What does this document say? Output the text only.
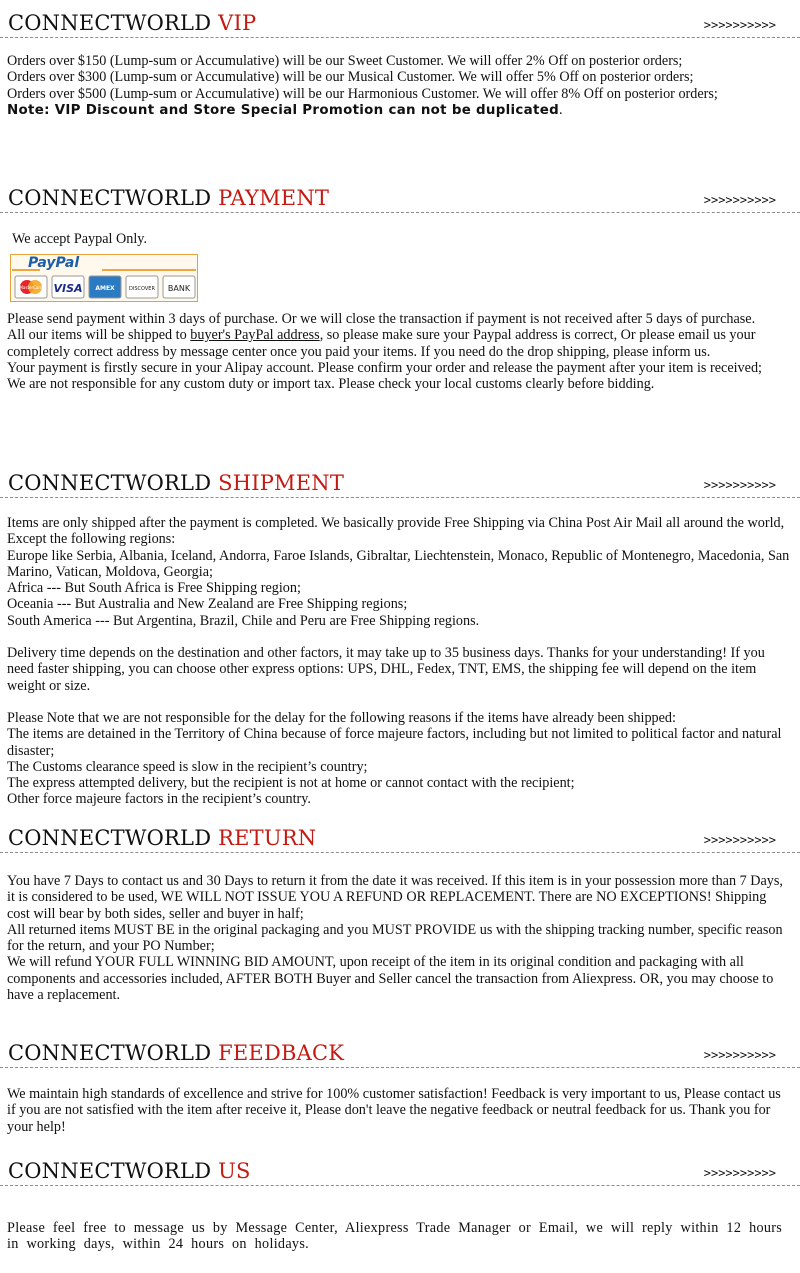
CONNECTWORLD VIP	>>>>>>>>>>

Orders over $150 (Lump-sum or Accumulative) will be our Sweet Customer. We will offer 2% Off on posterior orders;

Orders over $300 (Lump-sum or Accumulative) will be our Musical Customer. We will offer 5% Off on posterior orders;

Orders over $500 (Lump-sum or Accumulative) will be our Harmonious Customer. We will offer 8% Off on posterior orders;

Note: VIP Discount and Store Special Promotion can not be duplicated.

CONNECTWORLD PAYMENT	>>>>>>>>>>
We accept Paypal Only.
PayPal
MasterCard VISA AMEX	DISCOVER BANK

Please send payment within 3 days of purchase. Or we will close the transaction if payment is not received after 5 days of purchase.

All our items will be shipped to buyer's PayPal address, so please make sure your Paypal address is correct, Or please email us your completely correct address by message center once you paid your items. If you need do the drop shipping, please inform us.

Your payment is firstly secure in your Alipay account. Please confirm your order and release the payment after your item is received;

We are not responsible for any custom duty or import tax. Please check your local customs clearly before bidding.

CONNECTWORLD SHIPMENT	>>>>>>>>>>

Items are only shipped after the payment is completed. We basically provide Free Shipping via China Post Air Mail all around the world, Except the following regions:

Europe like Serbia, Albania, Iceland, Andorra, Faroe Islands, Gibraltar, Liechtenstein, Monaco, Republic of Montenegro, Macedonia, San Marino, Vatican, Moldova, Georgia;

Africa --- But South Africa is Free Shipping region;

Oceania --- But Australia and New Zealand are Free Shipping regions;

South America --- But Argentina, Brazil, Chile and Peru are Free Shipping regions.

Delivery time depends on the destination and other factors, it may take up to 35 business days. Thanks for your understanding! If you need faster shipping, you can choose other express options: UPS, DHL, Fedex, TNT, EMS, the shipping fee will depend on the item weight or size.

Please Note that we are not responsible for the delay for the following reasons if the items have already been shipped:

The items are detained in the Territory of China because of force majeure factors, including but not limited to political factor and natural disaster;

The Customs clearance speed is slow in the recipient’s country;

The express attempted delivery, but the recipient is not at home or cannot contact with the recipient;

Other force majeure factors in the recipient’s country.

CONNECTWORLD RETURN	>>>>>>>>>>

You have 7 Days to contact us and 30 Days to return it from the date it was received. If this item is in your possession more than 7 Days, it is considered to be used, WE WILL NOT ISSUE YOU A REFUND OR REPLACEMENT. There are NO EXCEPTIONS! Shipping cost will bear by both sides, seller and buyer in half;

All returned items MUST BE in the original packaging and you MUST PROVIDE us with the shipping tracking number, specific reason for the return, and your PO Number;

We will refund YOUR FULL WINNING BID AMOUNT, upon receipt of the item in its original condition and packaging with all components and accessories included, AFTER BOTH Buyer and Seller cancel the transaction from Aliexpress. OR, you may choose to have a replacement.

CONNECTWORLD FEEDBACK	>>>>>>>>>>
We maintain high standards of excellence and strive for 100% customer satisfaction! Feedback is very important to us, Please contact us if you are not satisfied with the item after receive it, Please don't leave the negative feedback or neutral feedback for us. Thank you for your help!
CONNECTWORLD US	>>>>>>>>>>
Please feel free to message us by Message Center, Aliexpress Trade Manager or Email, we will reply within 12 hours in working days, within 24 hours on holidays.
